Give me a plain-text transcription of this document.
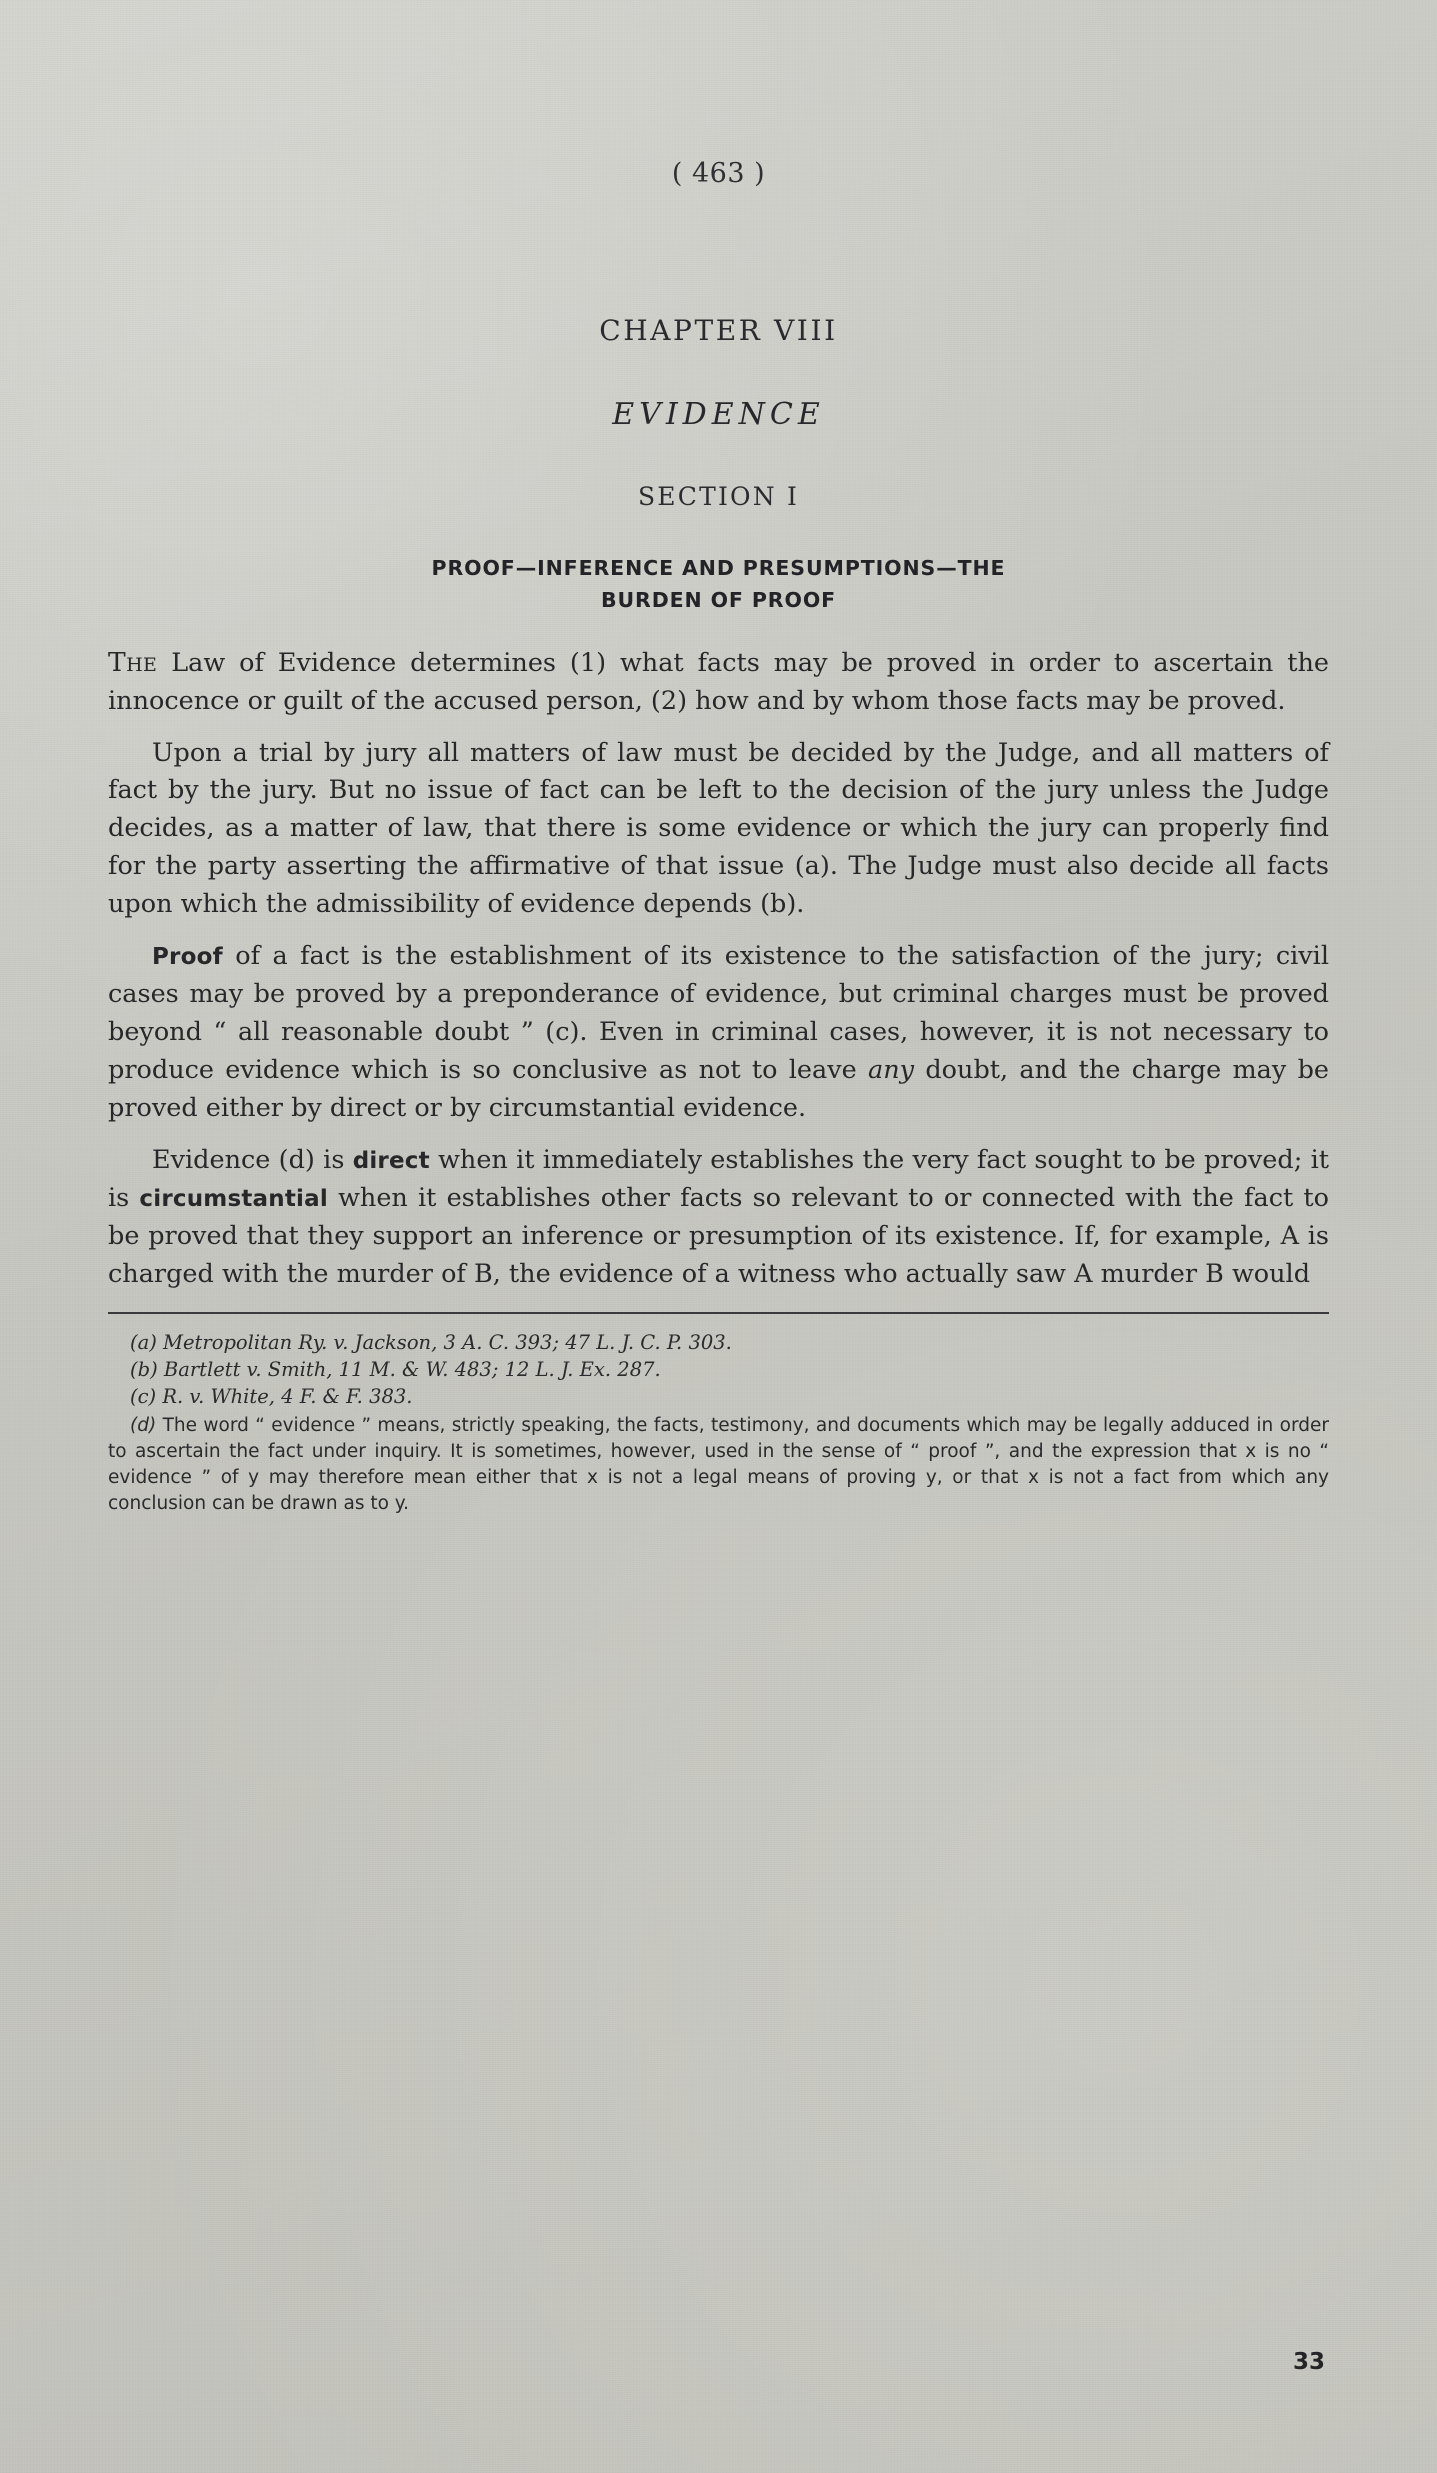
( 463 )
CHAPTER VIII
EVIDENCE
SECTION I
PROOF—INFERENCE AND PRESUMPTIONS—THE
BURDEN OF PROOF

The Law of Evidence determines (1) what facts may be proved in order to ascertain the innocence or guilt of the accused person, (2) how and by whom those facts may be proved.

Upon a trial by jury all matters of law must be decided by the Judge, and all matters of fact by the jury. But no issue of fact can be left to the decision of the jury unless the Judge decides, as a matter of law, that there is some evidence or which the jury can properly find for the party asserting the affirmative of that issue (a). The Judge must also decide all facts upon which the admissibility of evidence depends (b).

Proof of a fact is the establishment of its existence to the satisfaction of the jury; civil cases may be proved by a preponderance of evidence, but criminal charges must be proved beyond “ all reasonable doubt ” (c). Even in criminal cases, however, it is not necessary to produce evidence which is so conclusive as not to leave any doubt, and the charge may be proved either by direct or by circumstantial evidence.

Evidence (d) is direct when it immediately establishes the very fact sought to be proved; it is circumstantial when it establishes other facts so relevant to or connected with the fact to be proved that they support an inference or presumption of its existence. If, for example, A is charged with the murder of B, the evidence of a witness who actually saw A murder B would

(a) Metropolitan Ry. v. Jackson, 3 A. C. 393; 47 L. J. C. P. 303.
(b) Bartlett v. Smith, 11 M. & W. 483; 12 L. J. Ex. 287.
(c) R. v. White, 4 F. & F. 383.
(d) The word “ evidence ” means, strictly speaking, the facts, testimony, and documents which may be legally adduced in order to ascertain the fact under inquiry. It is sometimes, however, used in the sense of “ proof ”, and the expression that x is no “ evidence ” of y may therefore mean either that x is not a legal means of proving y, or that x is not a fact from which any conclusion can be drawn as to y.
33
